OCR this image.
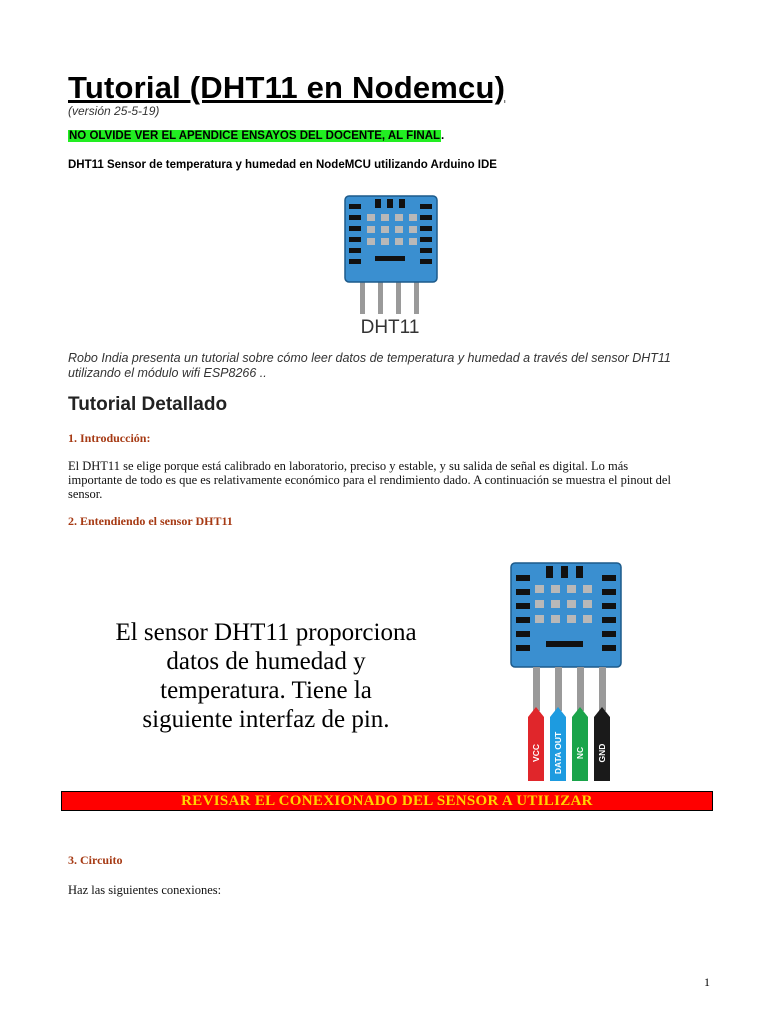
Tutorial (DHT11 en Nodemcu)
(versión 25-5-19)
NO OLVIDE VER EL APENDICE ENSAYOS DEL DOCENTE, AL FINAL.
DHT11 Sensor de temperatura y humedad en NodeMCU utilizando Arduino IDE
DHT11
Robo India presenta un tutorial sobre cómo leer datos de temperatura y humedad a través del sensor DHT11 utilizando el módulo wifi ESP8266 ..
Tutorial Detallado
1. Introducción:
El DHT11 se elige porque está calibrado en laboratorio, preciso y estable, y su salida de señal es digital. Lo más importante de todo es que es relativamente económico para el rendimiento dado. A continuación se muestra el pinout del sensor.
2. Entendiendo el sensor DHT11
El sensor DHT11 proporciona
datos de humedad y
temperatura. Tiene la
siguiente interfaz de pin.
VCC DATA OUT NC GND
REVISAR EL CONEXIONADO DEL SENSOR A UTILIZAR
3. Circuito
Haz las siguientes conexiones:
1
